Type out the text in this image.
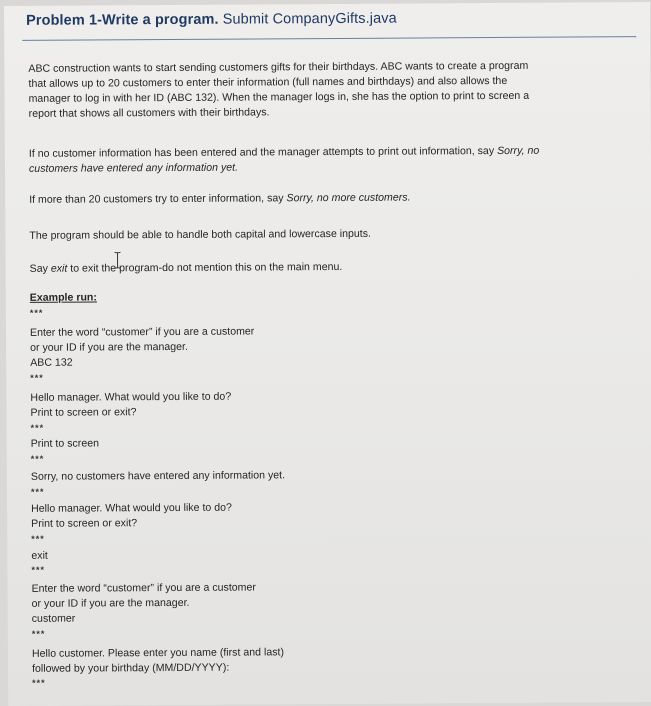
Problem 1-Write a program. Submit CompanyGifts.java
ABC construction wants to start sending customers gifts for their birthdays. ABC wants to create a program
that allows up to 20 customers to enter their information (full names and birthdays) and also allows the
manager to log in with her ID (ABC 132). When the manager logs in, she has the option to print to screen a
report that shows all customers with their birthdays.
If no customer information has been entered and the manager attempts to print out information, say Sorry, no
customers have entered any information yet.
If more than 20 customers try to enter information, say Sorry, no more customers.
The program should be able to handle both capital and lowercase inputs.
Say exit to exit the program-do not mention this on the main menu.
Example run:
***
Enter the word “customer” if you are a customer
or your ID if you are the manager.
ABC 132
***
Hello manager. What would you like to do?
Print to screen or exit?
***
Print to screen
***
Sorry, no customers have entered any information yet.
***
Hello manager. What would you like to do?
Print to screen or exit?
***
exit
***
Enter the word “customer” if you are a customer
or your ID if you are the manager.
customer
***
Hello customer. Please enter you name (first and last)
followed by your birthday (MM/DD/YYYY):
***
